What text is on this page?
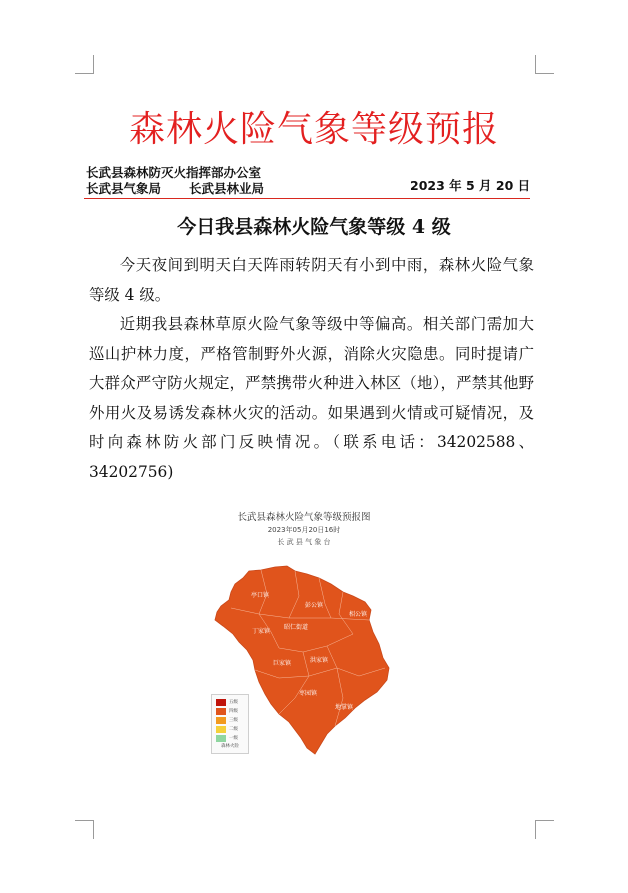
森林火险气象等级预报
长武县森林防灭火指挥部办公室
长武县气象局 长武县林业局	2023 年 5 月 20 日
今日我县森林火险气象等级 4 级

今天夜间到明天白天阵雨转阴天有小到中雨，森林火险气象等级 4 级。

近期我县森林草原火险气象等级中等偏高。相关部门需加大巡山护林力度，严格管制野外火源，消除火灾隐患。同时提请广大群众严守防火规定，严禁携带火种进入林区（地），严禁其他野外用火及易诱发森林火灾的活动。如果遇到火情或可疑情况，及时向森林防火部门反映情况。（联系电话：34202588、34202756)

长武县森林火险气象等级预报图
2023年05月20日16时
长 武 县 气 象 台
亭口镇
彭公镇
相公镇
丁家镇
昭仁街道
洪家镇
巨家镇
枣园镇
地掌镇
五级
四级
三级
二级
一级
森林火险
